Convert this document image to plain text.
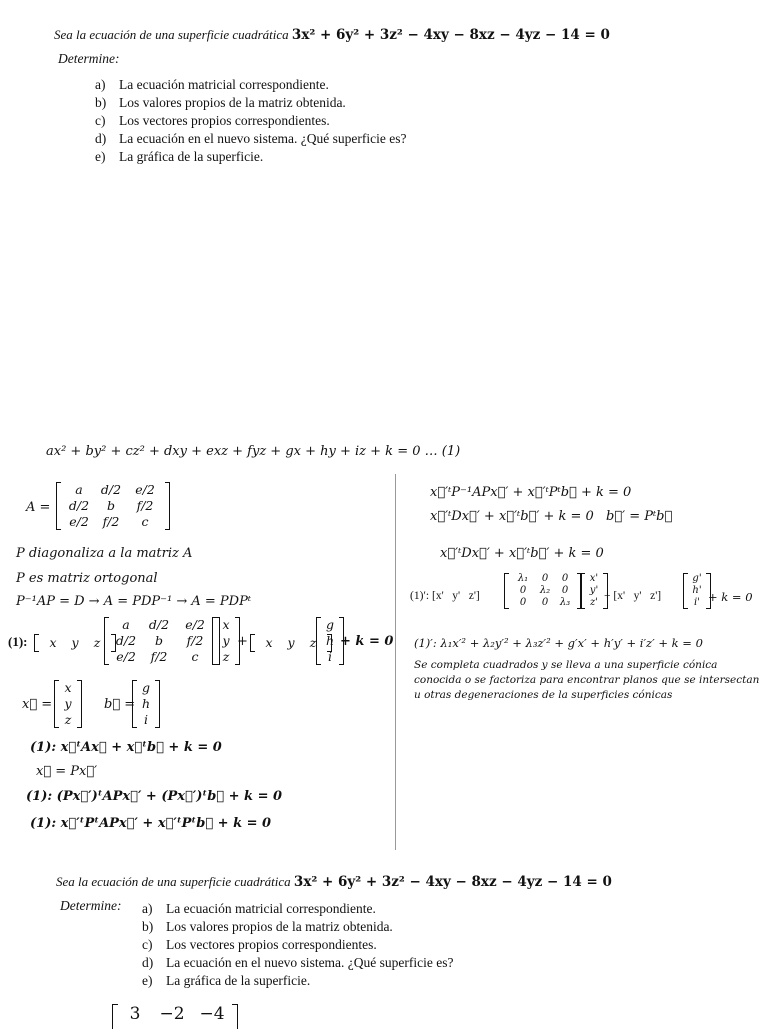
Sea la ecuación de una superficie cuadrática 3x² + 6y² + 3z² − 4xy − 8xz − 4yz − 14 = 0
Determine:
a) La ecuación matricial correspondiente.
b) Los valores propios de la matriz obtenida.
c) Los vectores propios correspondientes.
d) La ecuación en el nuevo sistema. ¿Qué superficie es?
e) La gráfica de la superficie.
ax² + by² + cz² + dxy + exz + fyz + gx + hy + iz + k = 0 … (1)
A =
a	d/2	e/2
d/2	b	f/2
e/2	f/2	c
P diagonaliza a la matriz A
P es matriz ortogonal
P⁻¹AP = D → A = PDP⁻¹ → A = PDPᵗ
(1):	x	y	z
a	d/2	e/2
d/2	b	f/2
e/2	f/2	c
x
y
z
+	x	y	z
g
h
i
+ k = 0
x⃗ =
x
y
z
b⃗ =
g
h
i
(1): x⃗ᵗAx⃗ + x⃗ᵗb⃗ + k = 0
x⃗ = Px⃗′
(1): (Px⃗′)ᵗAPx⃗′ + (Px⃗′)ᵗb⃗ + k = 0
(1): x⃗′ᵗPᵗAPx⃗′ + x⃗′ᵗPᵗb⃗ + k = 0
x⃗′ᵗP⁻¹APx⃗′ + x⃗′ᵗPᵗb⃗ + k = 0
x⃗′ᵗDx⃗′ + x⃗′ᵗb⃗′ + k = 0 b⃗′ = Pᵗb⃗
x⃗′ᵗDx⃗′ + x⃗′ᵗb⃗′ + k = 0
(1)′: [x'   y'   z']
λ₁	0	0
0	λ₂	0
0	0	λ₃
x'
y'
z'
+ [x'   y'   z']
g'
h'
i' + k = 0
(1)′: λ₁x′² + λ₂y′² + λ₃z′² + g′x′ + h′y′ + i′z′ + k = 0
Se completa cuadrados y se lleva a una superficie cónica conocida o se factoriza para encontrar planos que se intersectan u otras degeneraciones de la superficies cónicas
Sea la ecuación de una superficie cuadrática 3x² + 6y² + 3z² − 4xy − 8xz − 4yz − 14 = 0
Determine: a) La ecuación matricial correspondiente.
b) Los valores propios de la matriz obtenida.
c) Los vectores propios correspondientes.
d) La ecuación en el nuevo sistema. ¿Qué superficie es?
e) La gráfica de la superficie.
3	−2 −4
